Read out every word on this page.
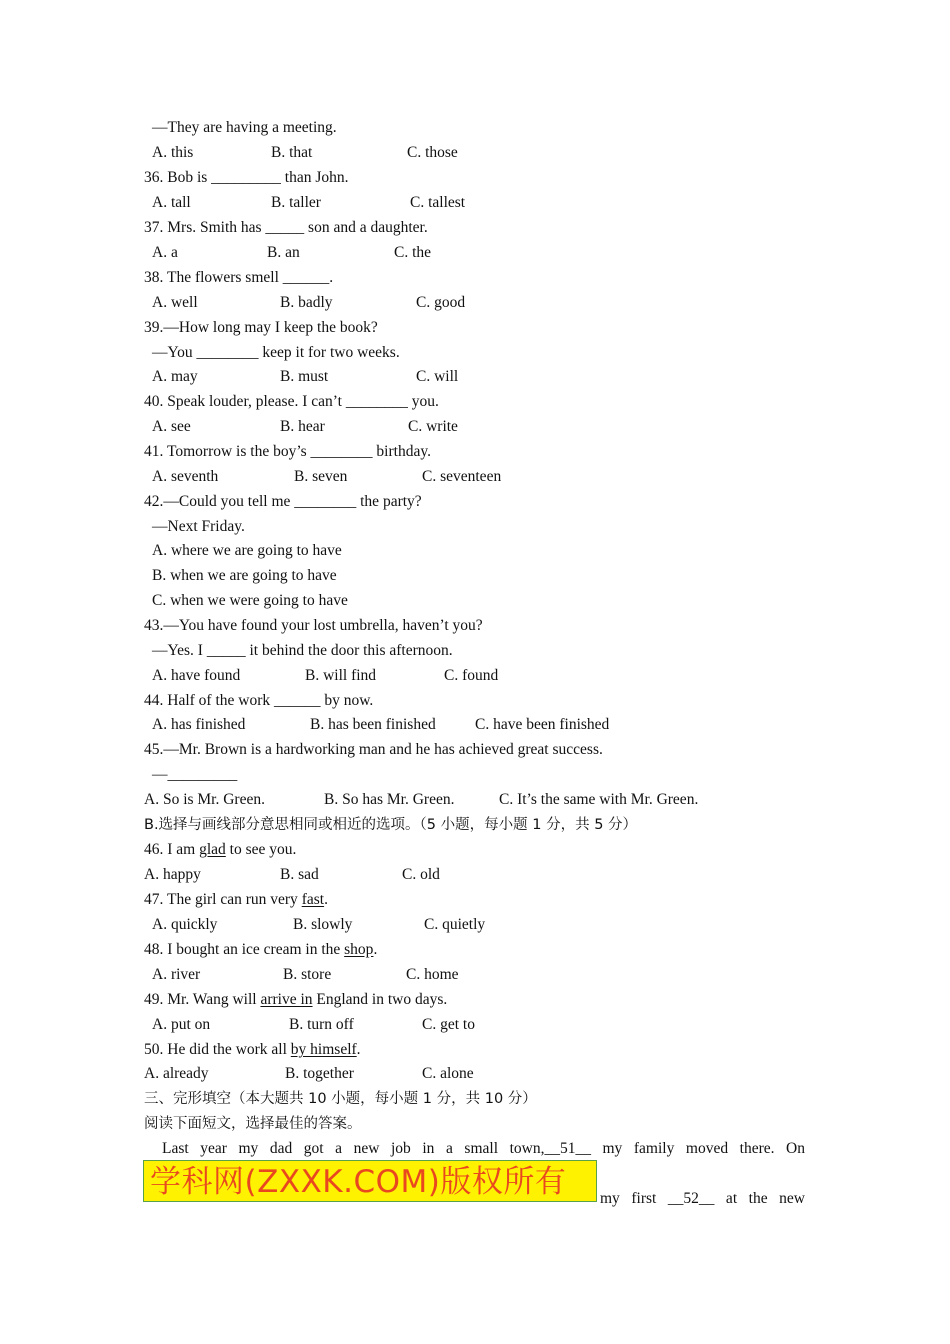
—They are having a meeting.
A. this	B. that	C. those
36. Bob is _________ than John.
A. tall	B. taller	C. tallest
37. Mrs. Smith has _____ son and a daughter.
A. a	B. an	C. the
38. The flowers smell ______.
A. well	B. badly	C. good
39.—How long may I keep the book?
—You ________ keep it for two weeks.
A. may	B. must	C. will
40. Speak louder, please. I can’t ________ you.
A. see	B. hear	C. write
41. Tomorrow is the boy’s ________ birthday.
A. seventh	B. seven	C. seventeen
42.—Could you tell me ________ the party?
—Next Friday.
A. where we are going to have
B. when we are going to have
C. when we were going to have
43.—You have found your lost umbrella, haven’t you?
—Yes. I _____ it behind the door this afternoon.
A. have found	B. will find	C. found
44. Half of the work ______ by now.
A. has finished	B. has been finished	C. have been finished
45.—Mr. Brown is a hardworking man and he has achieved great success.
—_________
A. So is Mr. Green.	B. So has Mr. Green.	C. It’s the same with Mr. Green.
B.选择与画线部分意思相同或相近的选项。（5 小题，每小题 1 分，共 5 分）
46. I am glad to see you.
A. happy	B. sad	C. old
47. The girl can run very fast.
A. quickly	B. slowly	C. quietly
48. I bought an ice cream in the shop.
A. river	B. store	C. home
49. Mr. Wang will arrive in England in two days.
A. put on	B. turn off	C. get to
50. He did the work all by himself.
A. already	B. together	C. alone
三、完形填空（本大题共 10 小题，每小题 1 分，共 10 分）
阅读下面短文，选择最佳的答案。
Last year my dad got a new job in a small town,__51__ my family moved there. On
my first __52__ at the new
学科网(ZXXK.COM)版权所有
